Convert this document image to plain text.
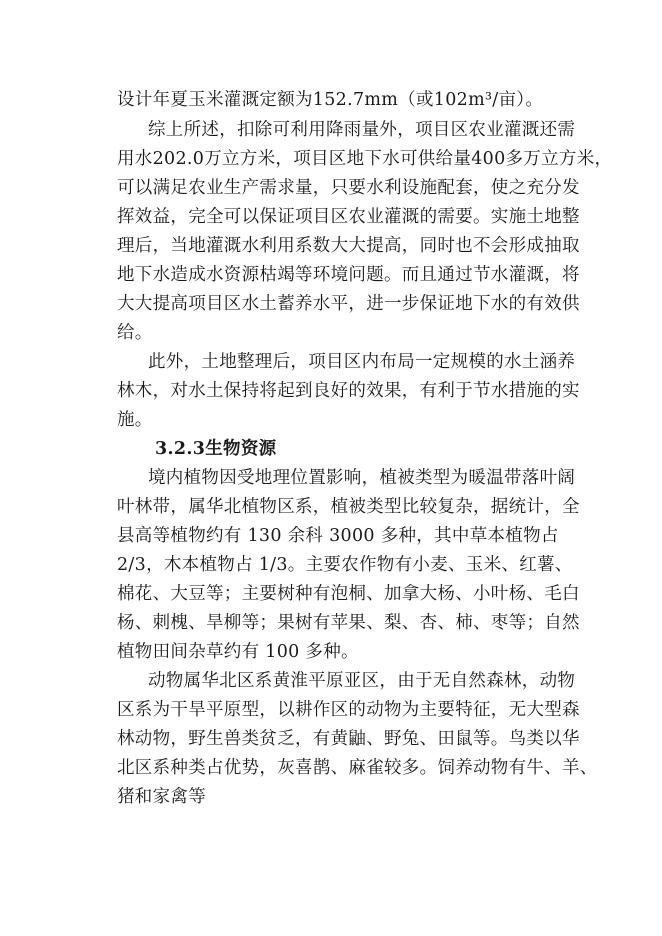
设计年夏玉米灌溉定额为152.7mm（或102m³/亩）。
综上所述，扣除可利用降雨量外，项目区农业灌溉还需
用水202.0万立方米，项目区地下水可供给量400多万立方米，
可以满足农业生产需求量，只要水利设施配套，使之充分发
挥效益，完全可以保证项目区农业灌溉的需要。实施土地整
理后，当地灌溉水利用系数大大提高，同时也不会形成抽取
地下水造成水资源枯竭等环境问题。而且通过节水灌溉，将
大大提高项目区水土蓄养水平，进一步保证地下水的有效供
给。
此外，土地整理后，项目区内布局一定规模的水土涵养
林木，对水土保持将起到良好的效果，有利于节水措施的实
施。
3.2.3生物资源
境内植物因受地理位置影响，植被类型为暖温带落叶阔
叶林带，属华北植物区系，植被类型比较复杂，据统计，全
县高等植物约有 130 余科 3000 多种，其中草本植物占
2/3，木本植物占 1/3。主要农作物有小麦、玉米、红薯、
棉花、大豆等；主要树种有泡桐、加拿大杨、小叶杨、毛白
杨、刺槐、旱柳等；果树有苹果、梨、杏、柿、枣等；自然
植物田间杂草约有 100 多种。
动物属华北区系黄淮平原亚区，由于无自然森林，动物
区系为干旱平原型，以耕作区的动物为主要特征，无大型森
林动物，野生兽类贫乏，有黄鼬、野兔、田鼠等。鸟类以华
北区系种类占优势，灰喜鹊、麻雀较多。饲养动物有牛、羊、
猪和家禽等
